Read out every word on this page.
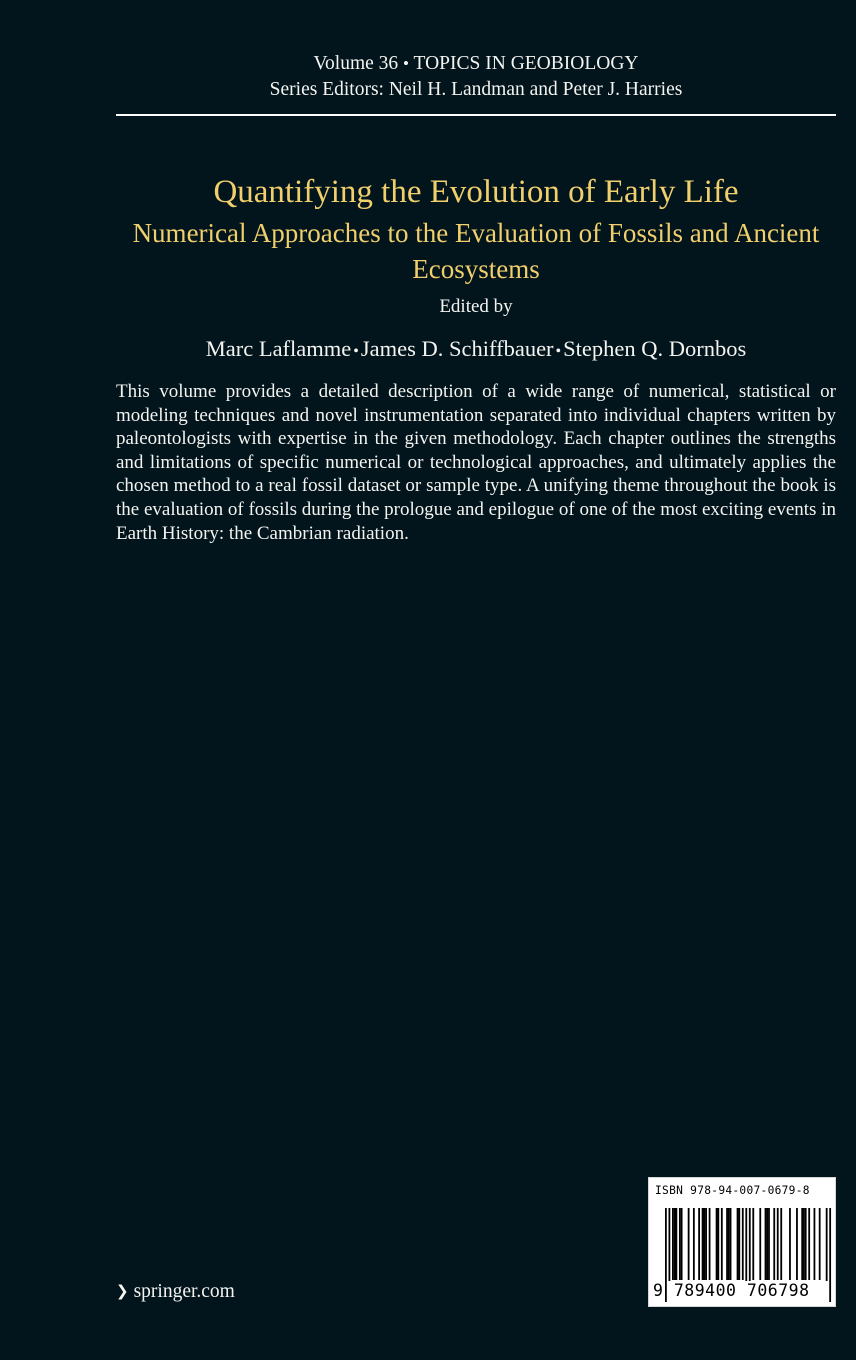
Volume 36 • TOPICS IN GEOBIOLOGY
Series Editors: Neil H. Landman and Peter J. Harries
Quantifying the Evolution of Early Life
Numerical Approaches to the Evaluation of Fossils and Ancient Ecosystems
Edited by
Marc Laflamme •James D. Schiffbauer •Stephen Q. Dornbos

This volume provides a detailed description of a wide range of numerical, statistical or modeling techniques and novel instrumentation separated into individual chapters written by paleontologists with expertise in the given methodology. Each chapter outlines the strengths and limitations of specific numerical or technological approaches, and ultimately applies the chosen method to a real fossil dataset or sample type. A unifying theme throughout the book is the evaluation of fossils during the prologue and epilogue of one of the most exciting events in Earth History: the Cambrian radiation.

❯ springer.com
ISBN 978-94-007-0679-8
9 789400 706798
